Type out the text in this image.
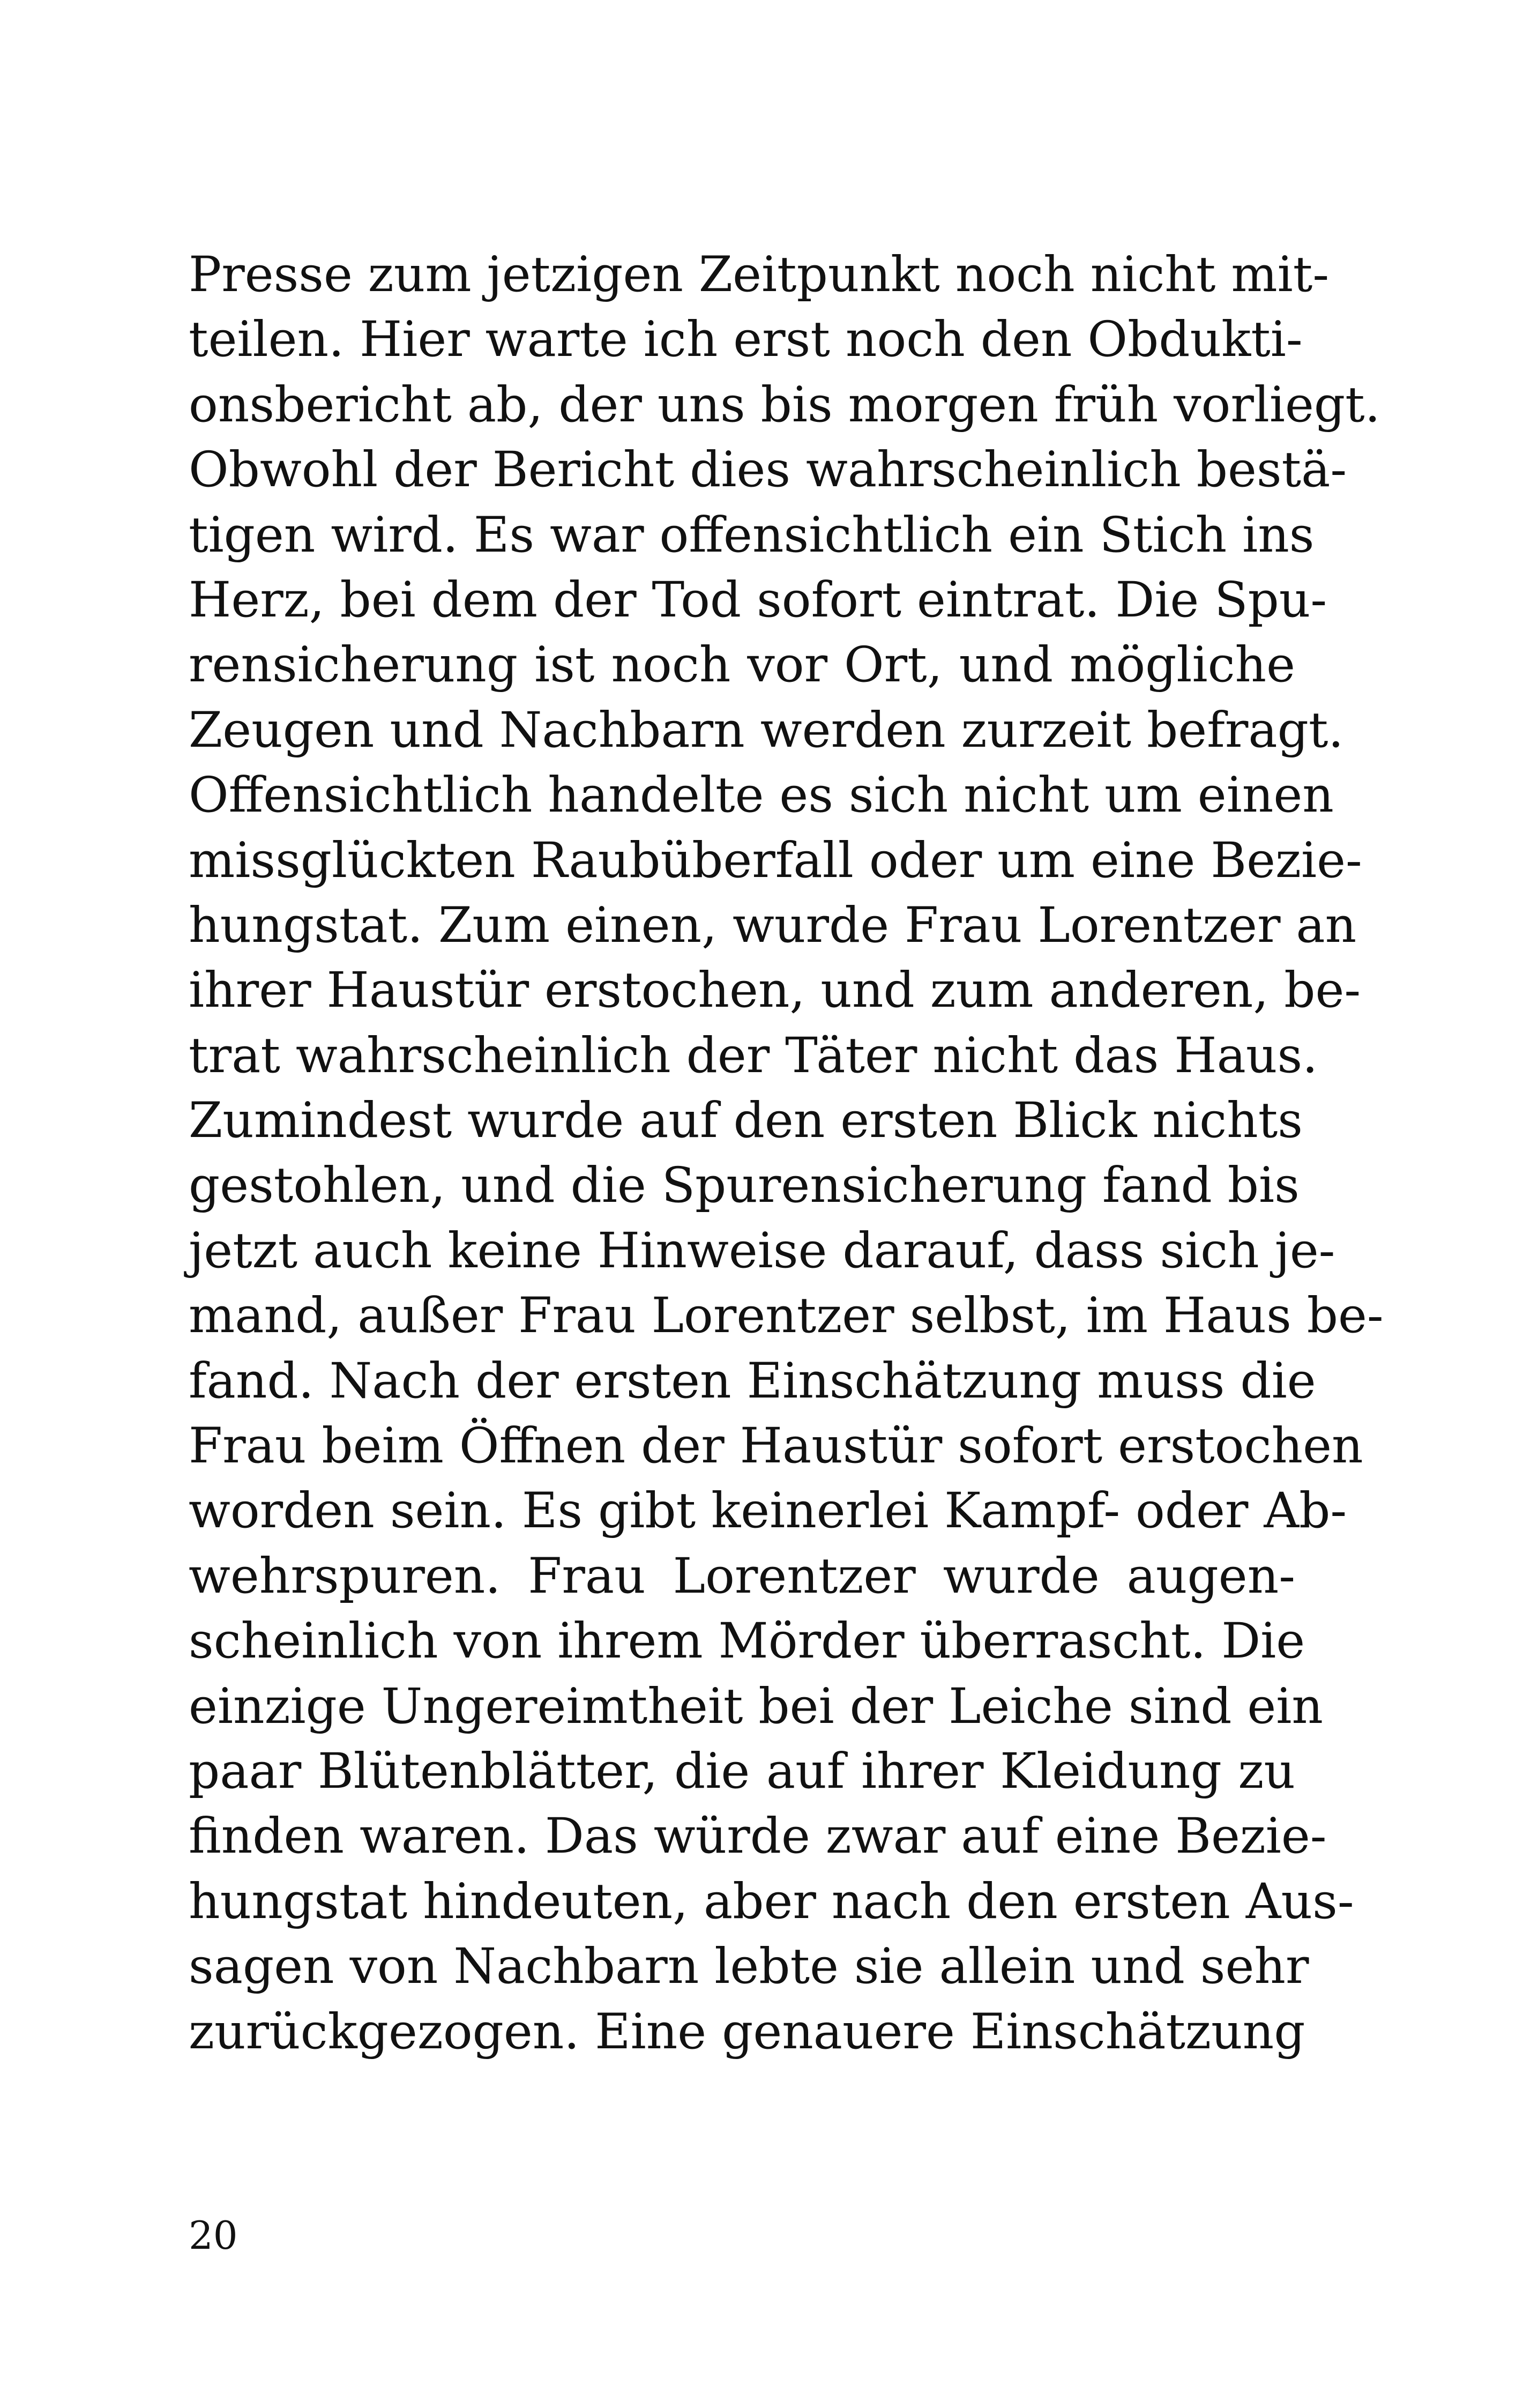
Presse zum jetzigen Zeitpunkt noch nicht mit-
teilen. Hier warte ich erst noch den Obdukti-
onsbericht ab, der uns bis morgen früh vorliegt.
Obwohl der Bericht dies wahrscheinlich bestä-
tigen wird. Es war offensichtlich ein Stich ins
Herz, bei dem der Tod sofort eintrat. Die Spu-
rensicherung ist noch vor Ort, und mögliche
Zeugen und Nachbarn werden zurzeit befragt.
Offensichtlich handelte es sich nicht um einen
missglückten Raubüberfall oder um eine Bezie-
hungstat. Zum einen, wurde Frau Lorentzer an
ihrer Haustür erstochen, und zum anderen, be-
trat wahrscheinlich der Täter nicht das Haus.
Zumindest wurde auf den ersten Blick nichts
gestohlen, und die Spurensicherung fand bis
jetzt auch keine Hinweise darauf, dass sich je-
mand, außer Frau Lorentzer selbst, im Haus be-
fand. Nach der ersten Einschätzung muss die
Frau beim Öffnen der Haustür sofort erstochen
worden sein. Es gibt keinerlei Kampf- oder Ab-
wehrspuren. Frau Lorentzer wurde augen-
scheinlich von ihrem Mörder überrascht. Die
einzige Ungereimtheit bei der Leiche sind ein
paar Blütenblätter, die auf ihrer Kleidung zu
finden waren. Das würde zwar auf eine Bezie-
hungstat hindeuten, aber nach den ersten Aus-
sagen von Nachbarn lebte sie allein und sehr
zurückgezogen. Eine genauere Einschätzung
20
